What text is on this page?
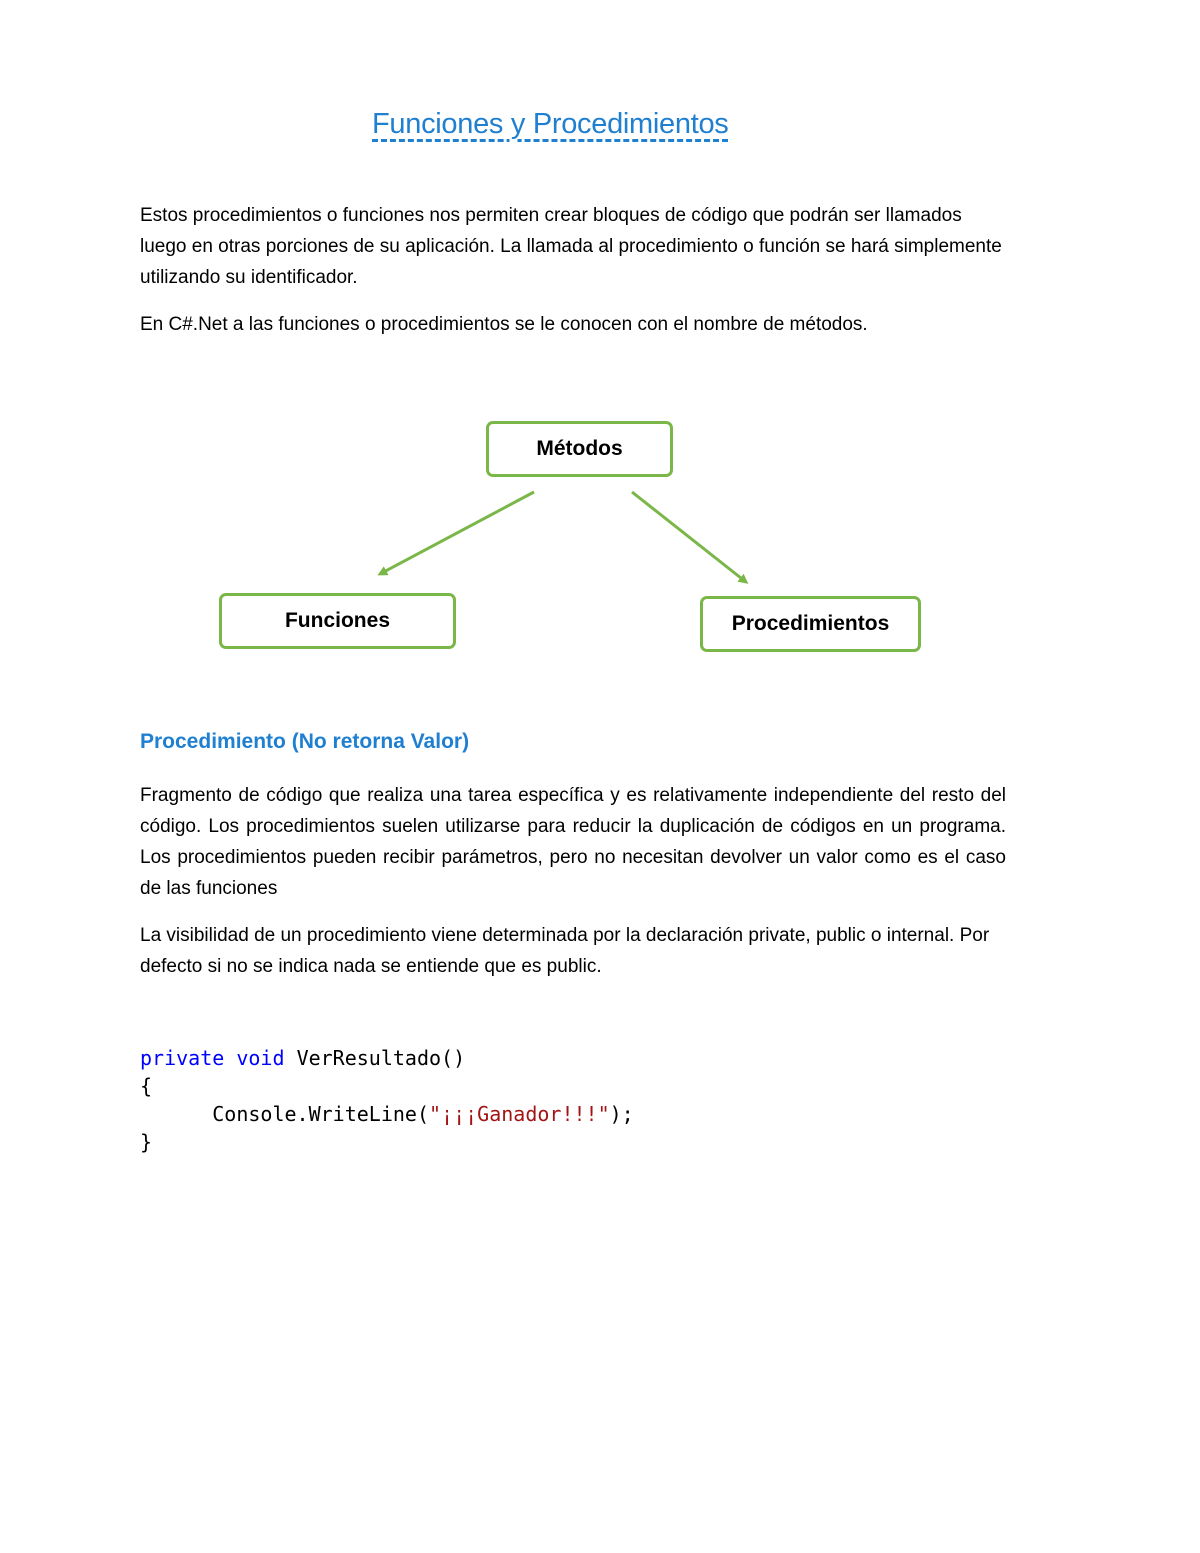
Funciones y Procedimientos

Estos procedimientos o funciones nos permiten crear bloques de código que podrán ser llamados luego en otras porciones de su aplicación. La llamada al procedimiento o función se hará simplemente utilizando su identificador.

En C#.Net a las funciones o procedimientos se le conocen con el nombre de métodos.

Métodos
Funciones	Procedimientos
Procedimiento (No retorna Valor)

Fragmento de código que realiza una tarea específica y es relativamente independiente del resto del código. Los procedimientos suelen utilizarse para reducir la duplicación de códigos en un programa. Los procedimientos pueden recibir parámetros, pero no necesitan devolver un valor como es el caso de las funciones

La visibilidad de un procedimiento viene determinada por la declaración private, public o internal. Por defecto si no se indica nada se entiende que es public.

private void VerResultado()
{
Console.WriteLine("¡¡¡Ganador!!!");
}
